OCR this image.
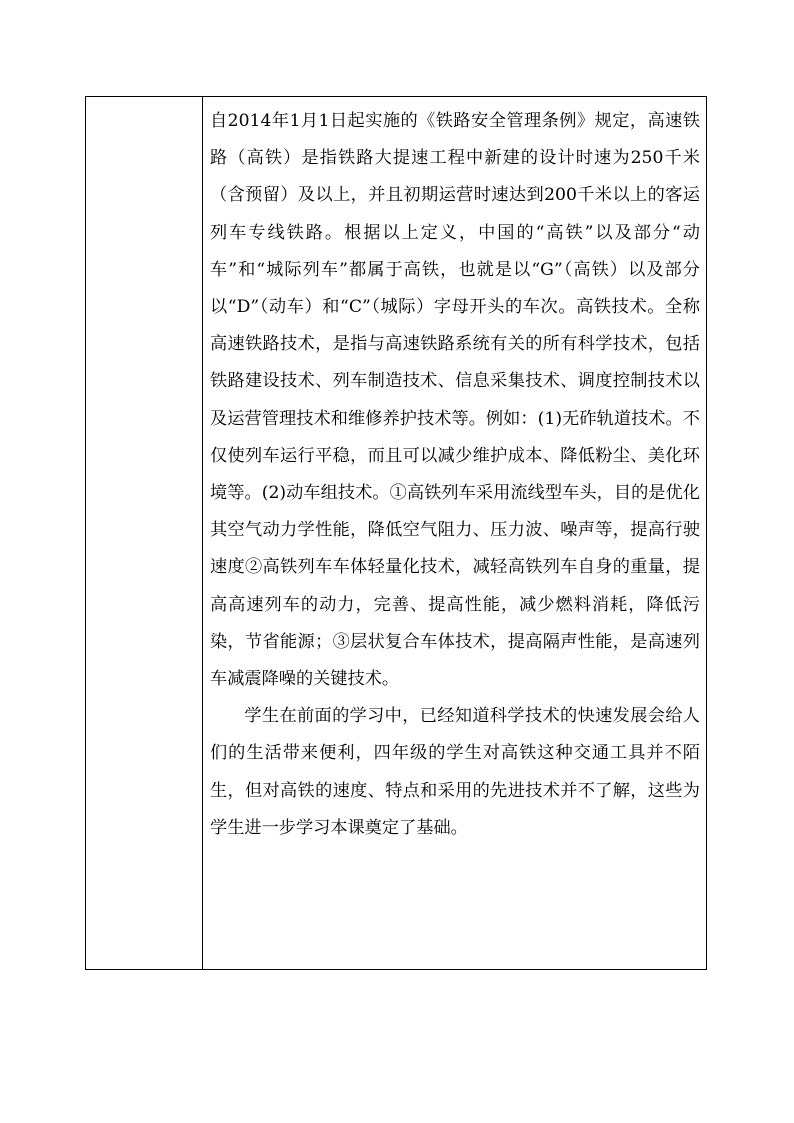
自2014年1月1日起实施的《铁路安全管理条例》规定，高速铁路（高铁）是指铁路大提速工程中新建的设计时速为250千米（含预留）及以上，并且初期运营时速达到200千米以上的客运列车专线铁路。根据以上定义，中国的“高铁”以及部分“动车”和“城际列车”都属于高铁，也就是以“G”（高铁）以及部分以“D”（动车）和“C”（城际）字母开头的车次。高铁技术。全称高速铁路技术，是指与高速铁路系统有关的所有科学技术，包括铁路建设技术、列车制造技术、信息采集技术、调度控制技术以及运营管理技术和维修养护技术等。例如：(1)无砟轨道技术。不仅使列车运行平稳，而且可以减少维护成本、降低粉尘、美化环境等。(2)动车组技术。①高铁列车采用流线型车头，目的是优化其空气动力学性能，降低空气阻力、压力波、噪声等，提高行驶速度②高铁列车车体轻量化技术，减轻高铁列车自身的重量，提高高速列车的动力，完善、提高性能，减少燃料消耗，降低污染，节省能源；③层状复合车体技术，提高隔声性能，是高速列车减震降噪的关键技术。

学生在前面的学习中，已经知道科学技术的快速发展会给人们的生活带来便利，四年级的学生对高铁这种交通工具并不陌生，但对高铁的速度、特点和采用的先进技术并不了解，这些为学生进一步学习本课奠定了基础。
